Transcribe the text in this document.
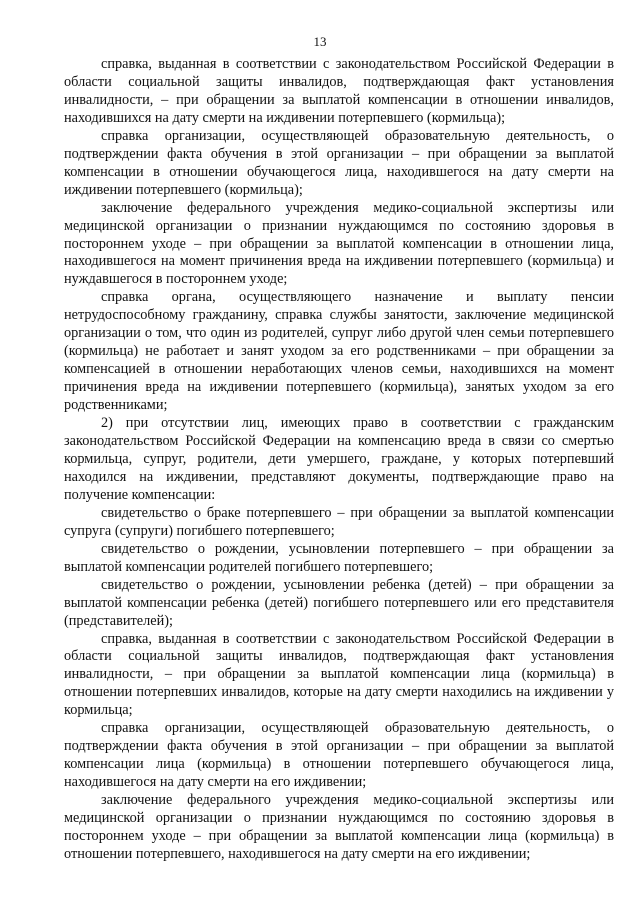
13

справка, выданная в соответствии с законодательством Российской Федерации в области социальной защиты инвалидов, подтверждающая факт установления инвалидности, – при обращении за выплатой компенсации в отношении инвалидов, находившихся на дату смерти на иждивении потерпевшего (кормильца);

справка организации, осуществляющей образовательную деятельность, о подтверждении факта обучения в этой организации – при обращении за выплатой компенсации в отношении обучающегося лица, находившегося на дату смерти на иждивении потерпевшего (кормильца);

заключение федерального учреждения медико-социальной экспертизы или медицинской организации о признании нуждающимся по состоянию здоровья в постороннем уходе – при обращении за выплатой компенсации в отношении лица, находившегося на момент причинения вреда на иждивении потерпевшего (кормильца) и нуждавшегося в постороннем уходе;

справка органа, осуществляющего назначение и выплату пенсии нетрудоспособному гражданину, справка службы занятости, заключение медицинской организации о том, что один из родителей, супруг либо другой член семьи потерпевшего (кормильца) не работает и занят уходом за его родственниками – при обращении за компенсацией в отношении неработающих членов семьи, находившихся на момент причинения вреда на иждивении потерпевшего (кормильца), занятых уходом за его родственниками;

2) при отсутствии лиц, имеющих право в соответствии с гражданским законодательством Российской Федерации на компенсацию вреда в связи со смертью кормильца, супруг, родители, дети умершего, граждане, у которых потерпевший находился на иждивении, представляют документы, подтверждающие право на получение компенсации:

свидетельство о браке потерпевшего – при обращении за выплатой компенсации супруга (супруги) погибшего потерпевшего;

свидетельство о рождении, усыновлении потерпевшего – при обращении за выплатой компенсации родителей погибшего потерпевшего;

свидетельство о рождении, усыновлении ребенка (детей) – при обращении за выплатой компенсации ребенка (детей) погибшего потерпевшего или его представителя (представителей);

справка, выданная в соответствии с законодательством Российской Федерации в области социальной защиты инвалидов, подтверждающая факт установления инвалидности, – при обращении за выплатой компенсации лица (кормильца) в отношении потерпевших инвалидов, которые на дату смерти находились на иждивении у кормильца;

справка организации, осуществляющей образовательную деятельность, о подтверждении факта обучения в этой организации – при обращении за выплатой компенсации лица (кормильца) в отношении потерпевшего обучающегося лица, находившегося на дату смерти на его иждивении;

заключение федерального учреждения медико-социальной экспертизы или медицинской организации о признании нуждающимся по состоянию здоровья в постороннем уходе – при обращении за выплатой компенсации лица (кормильца) в отношении потерпевшего, находившегося на дату смерти на его иждивении;
